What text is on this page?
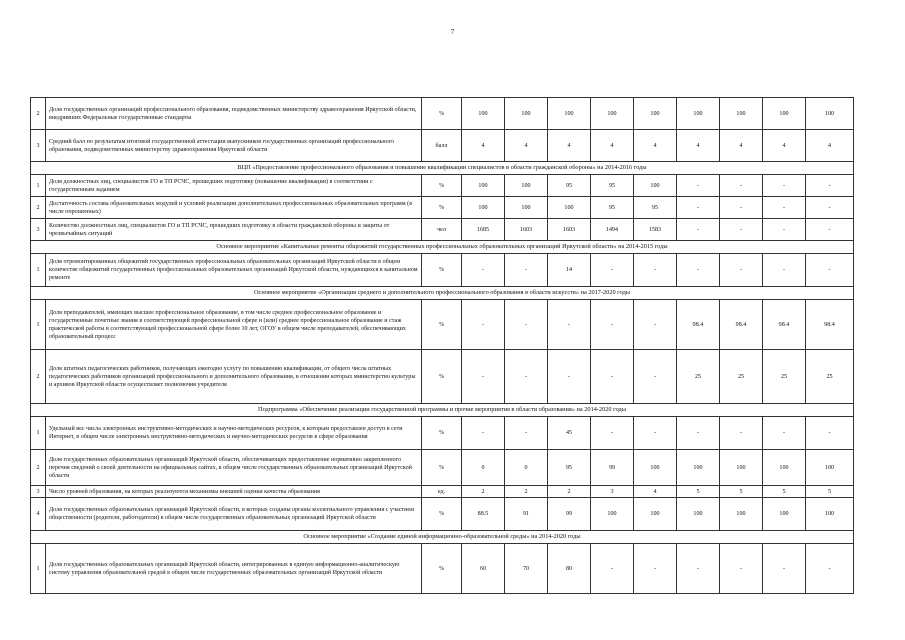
7
2	Доля государственных организаций профессионального образования, подведомственных министерству здравоохранения Иркутской области, внедривших Федеральные государственные стандарты	%	100	100	100	100	100	100	100	100	100
3	Средний балл по результатам итоговой государственной аттестации выпускников государственных организаций профессионального образования, подведомственных министерству здравоохранения Иркутской области	балл	4	4	4	4	4	4	4	4	4
ВЦП «Предоставление профессионального образования и повышение квалификации специалистов в области гражданской обороны» на 2014-2016 годы											
1	Доля должностных лиц, специалистов ГО и ТП РСЧС, прошедших подготовку (повышение квалификации) в соответствии с государственным заданием	%	100	100	95	95	100	-	-	-	-
2	Достаточность состава образовательных модулей и условий реализации дополнительных профессиональных образовательных программ (в числе опрошенных)	%	100	100	100	95	95	-	-	-	-
3	Количество должностных лиц, специалистов ГО и ТП РСЧС, прошедших подготовку в области гражданской обороны и защиты от чрезвычайных ситуаций	чел	1685	1603	1603	1494	1583	-	-	-	-
Основное мероприятие «Капитальные ремонты общежитий государственных профессиональных образовательных организаций Иркутской области» на 2014-2015 годы											
1	Доля отремонтированных общежитий государственных профессиональных образовательных организаций Иркутской области в общем количестве общежитий государственных профессиональных образовательных организаций Иркутской области, нуждающихся в капитальном ремонте	%	-	-	14	-	-	-	-	-	-
Основное мероприятие «Организация среднего и дополнительного профессионального образования в области искусств» на 2017-2020 годы											
1	Доля преподавателей, имеющих высшее профессиональное образование, в том числе среднее профессиональное образование и государственные почетные звания в соответствующей профессиональной сфере и (или) среднее профессиональное образование и стаж практической работы в соответствующей профессиональной сфере более 10 лет, ОГОУ в общем числе преподавателей, обеспечивающих образовательный процесс	%	-	-	-	-	-	98.4	98.4	98.4	98.4
2	Доля штатных педагогических работников, получающих ежегодно услугу по повышению квалификации, от общего числа штатных педагогических работников организаций профессионального и дополнительного образования, в отношении которых министерство культуры и архивов Иркутской области осуществляет полномочия учредителя	%	-	-	-	-	-	25	25	25	25
Подпрограмма «Обеспечение реализации государственной программы и прочие мероприятия в области образования» на 2014-2020 годы											
1	Удельный вес числа электронных инструктивно-методических и научно-методических ресурсов, к которым предоставлен доступ в сети Интернет, в общем числе электронных инструктивно-методических и научно-методических ресурсов в сфере образования	%	-	-	45	-	-	-	-	-	-
2	Доля государственных образовательных организаций Иркутской области, обеспечивающих предоставление нормативно закрепленного перечня сведений о своей деятельности на официальных сайтах, в общем числе государственных образовательных организаций Иркутской области	%	0	0	95	99	100	100	100	100	100
3	Число уровней образования, на которых реализуются механизмы внешней оценки качества образования	ед.	2	2	2	3	4	5	5	5	5
4	Доля государственных образовательных организаций Иркутской области, в которых созданы органы коллегиального управления с участием общественности (родители, работодатели) в общем числе государственных образовательных организаций Иркутской области	%	88.5	91	99	100	100	100	100	100	100
Основное мероприятие «Создание единой информационно-образовательной среды» на 2014-2020 годы											
1	Доля государственных образовательных организаций Иркутской области, интегрированных в единую информационно-аналитическую систему управления образовательной средой в общем числе государственных образовательных организаций Иркутской области	%	60	70	80	-	-	-	-	-	-
